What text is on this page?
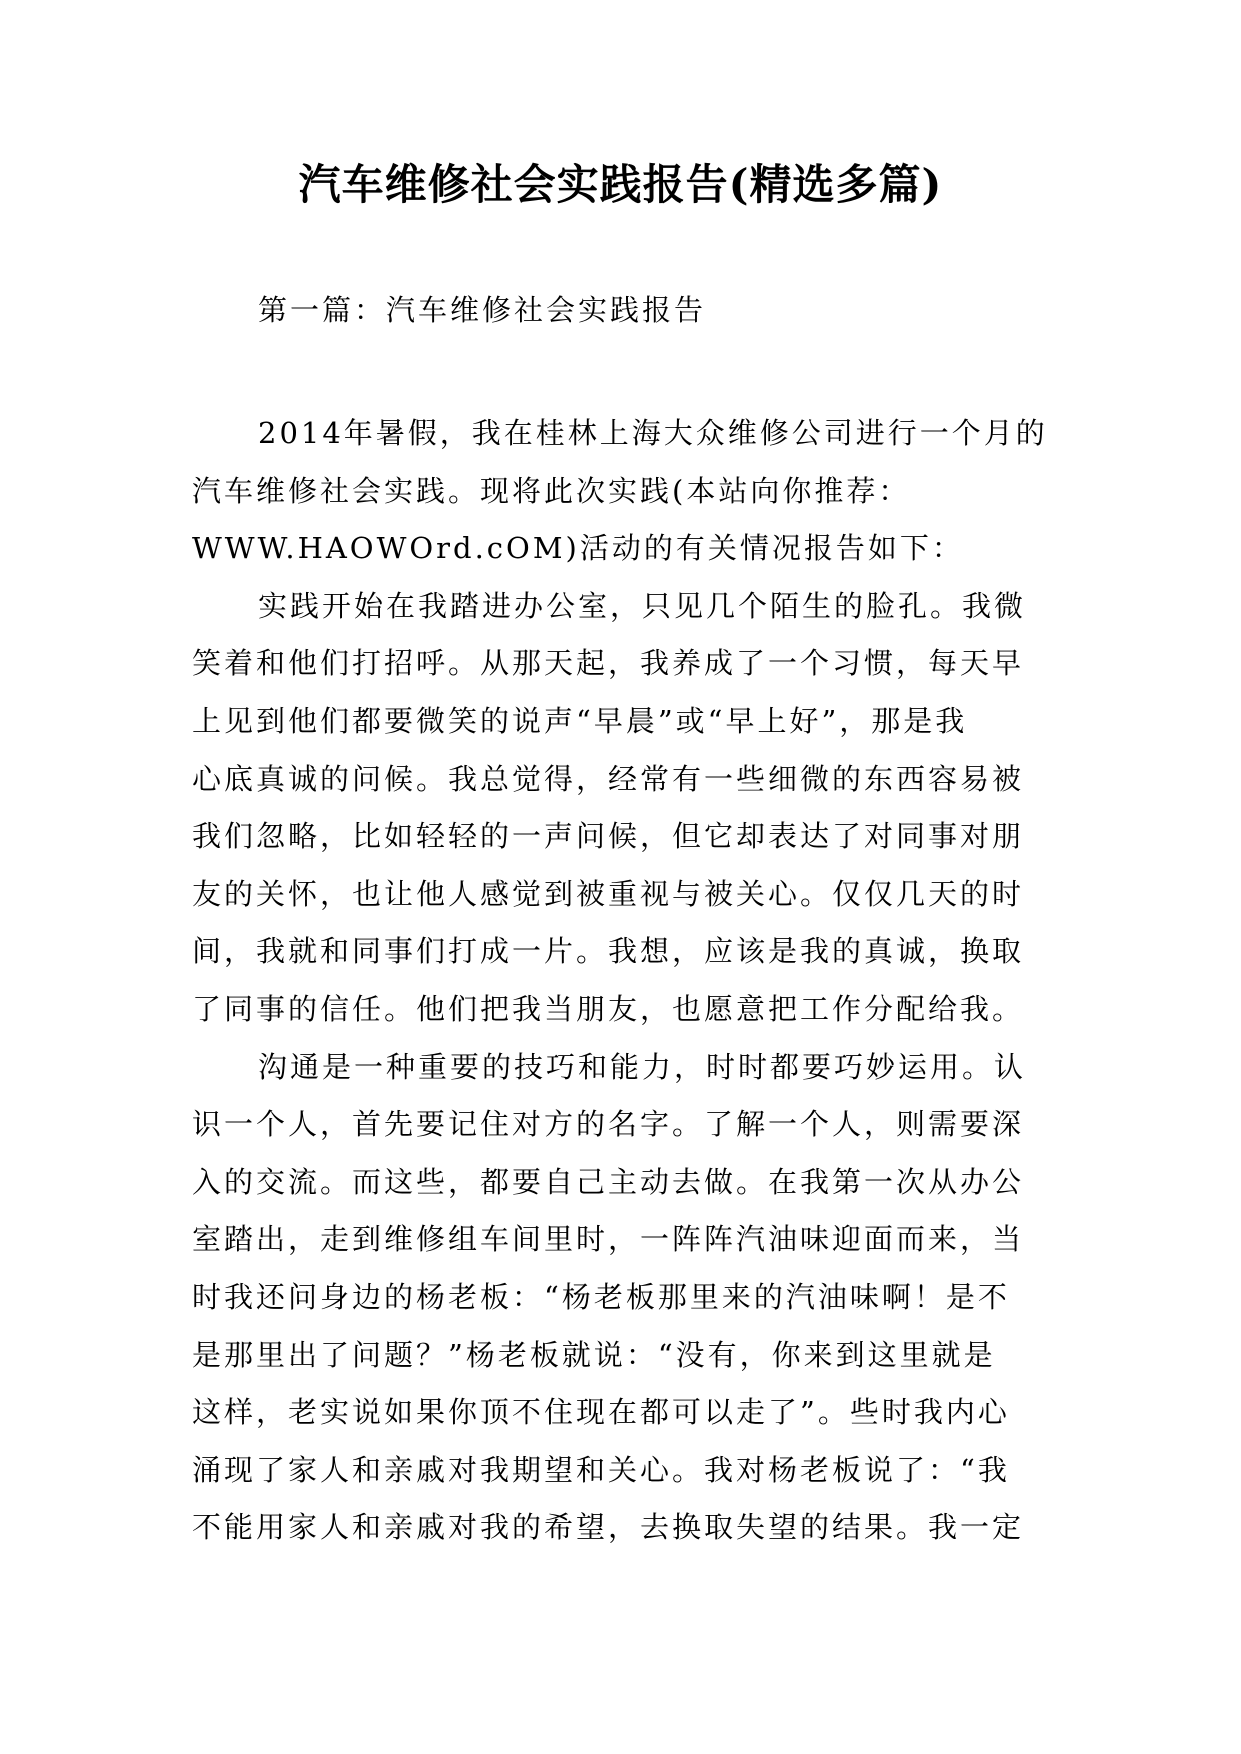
汽车维修社会实践报告(精选多篇)

第一篇：汽车维修社会实践报告

2014年暑假，我在桂林上海大众维修公司进行一个月的
汽车维修社会实践。现将此次实践(本站向你推荐：
WWW.HAOWOrd.cOM)活动的有关情况报告如下：
实践开始在我踏进办公室，只见几个陌生的脸孔。我微
笑着和他们打招呼。从那天起，我养成了一个习惯，每天早
上见到他们都要微笑的说声“早晨”或“早上好”，那是我
心底真诚的问候。我总觉得，经常有一些细微的东西容易被
我们忽略，比如轻轻的一声问候，但它却表达了对同事对朋
友的关怀，也让他人感觉到被重视与被关心。仅仅几天的时
间，我就和同事们打成一片。我想，应该是我的真诚，换取
了同事的信任。他们把我当朋友，也愿意把工作分配给我。
沟通是一种重要的技巧和能力，时时都要巧妙运用。认
识一个人，首先要记住对方的名字。了解一个人，则需要深
入的交流。而这些，都要自己主动去做。在我第一次从办公
室踏出，走到维修组车间里时，一阵阵汽油味迎面而来，当
时我还问身边的杨老板：“杨老板那里来的汽油味啊！是不
是那里出了问题？”杨老板就说：“没有，你来到这里就是
这样，老实说如果你顶不住现在都可以走了”。些时我内心
涌现了家人和亲戚对我期望和关心。我对杨老板说了：“我
不能用家人和亲戚对我的希望，去换取失望的结果。我一定
